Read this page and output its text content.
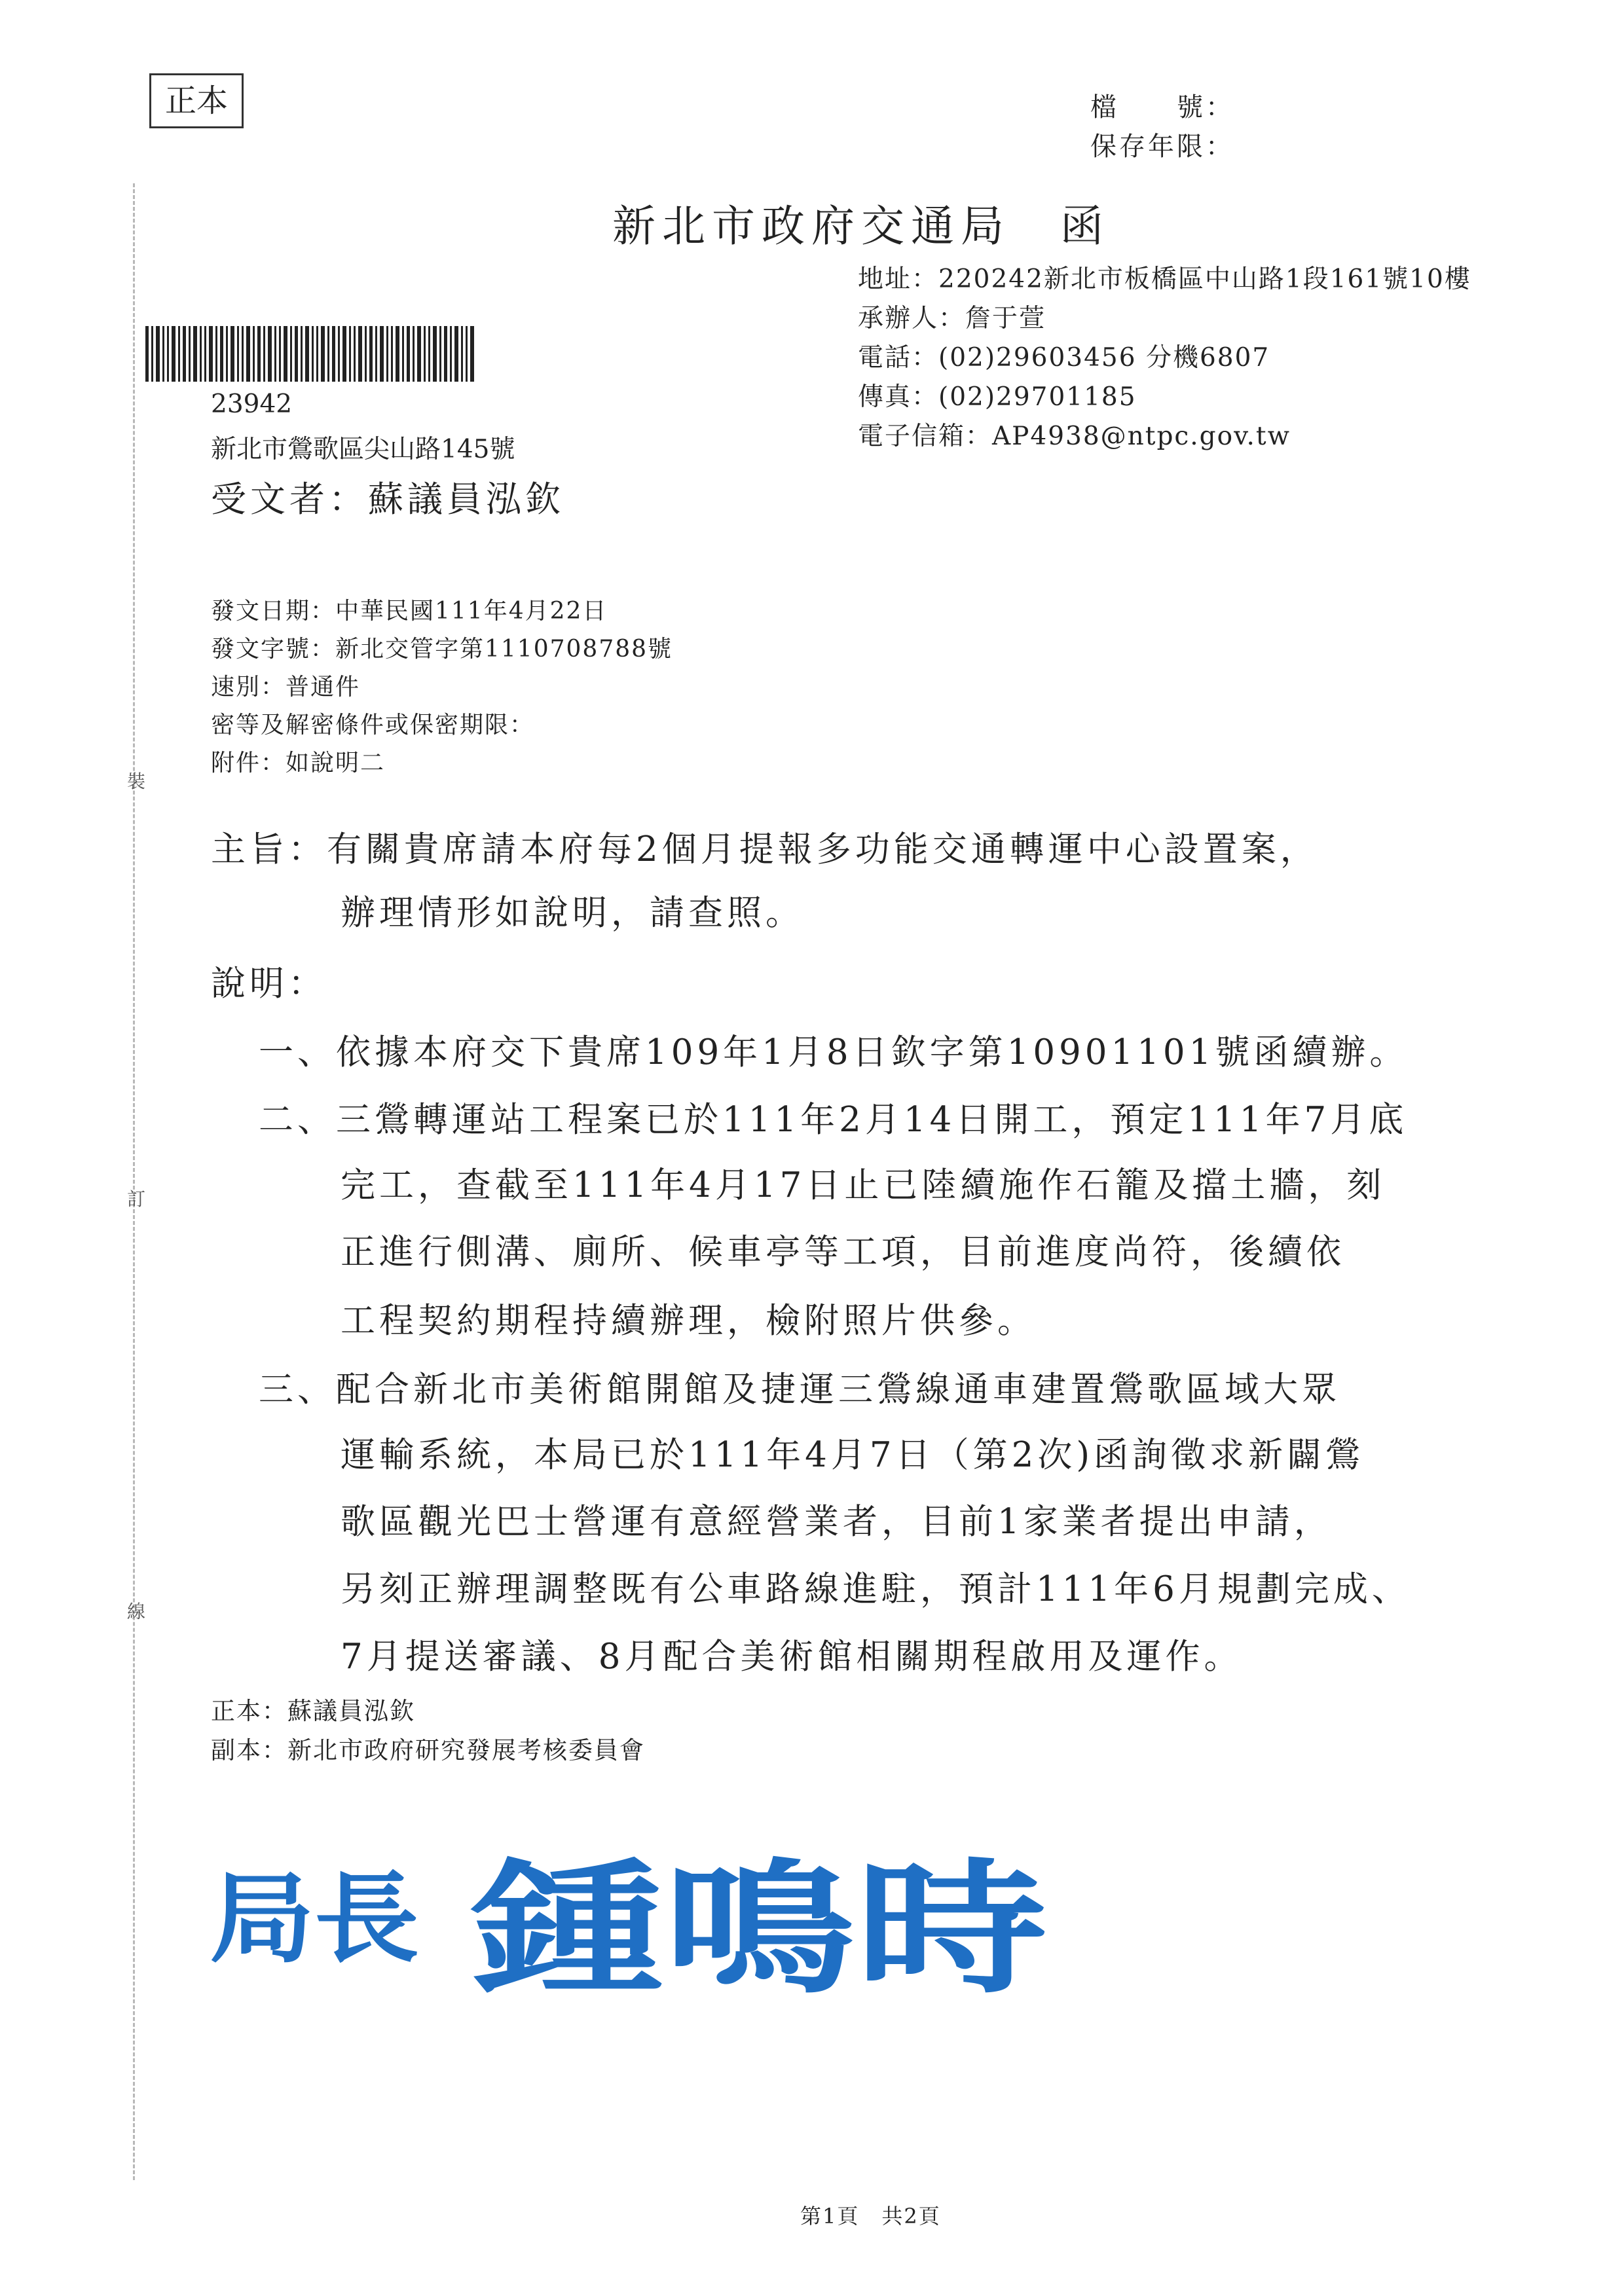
正本	檔　　號：
保存年限：
裝
訂
線
新北市政府交通局　函
地址：220242新北市板橋區中山路1段161號10樓
承辦人：詹于萱
電話：(02)29603456 分機6807
傳真：(02)29701185
電子信箱：AP4938@ntpc.gov.tw
23942
新北市鶯歌區尖山路145號
受文者：蘇議員泓欽
發文日期：中華民國111年4月22日
發文字號：新北交管字第1110708788號
速別：普通件
密等及解密條件或保密期限：
附件：如說明二
主旨：有關貴席請本府每2個月提報多功能交通轉運中心設置案，
辦理情形如說明，請查照。
說明：
一、依據本府交下貴席109年1月8日欽字第10901101號函續辦。
二、三鶯轉運站工程案已於111年2月14日開工，預定111年7月底
完工，查截至111年4月17日止已陸續施作石籠及擋土牆，刻
正進行側溝、廁所、候車亭等工項，目前進度尚符，後續依
工程契約期程持續辦理，檢附照片供參。
三、配合新北市美術館開館及捷運三鶯線通車建置鶯歌區域大眾
運輸系統，本局已於111年4月7日（第2次)函詢徵求新闢鶯
歌區觀光巴士營運有意經營業者，目前1家業者提出申請，
另刻正辦理調整既有公車路線進駐，預計111年6月規劃完成、
7月提送審議、8月配合美術館相關期程啟用及運作。
正本：蘇議員泓欽
副本：新北市政府研究發展考核委員會
局長 鍾鳴時
第1頁　共2頁
